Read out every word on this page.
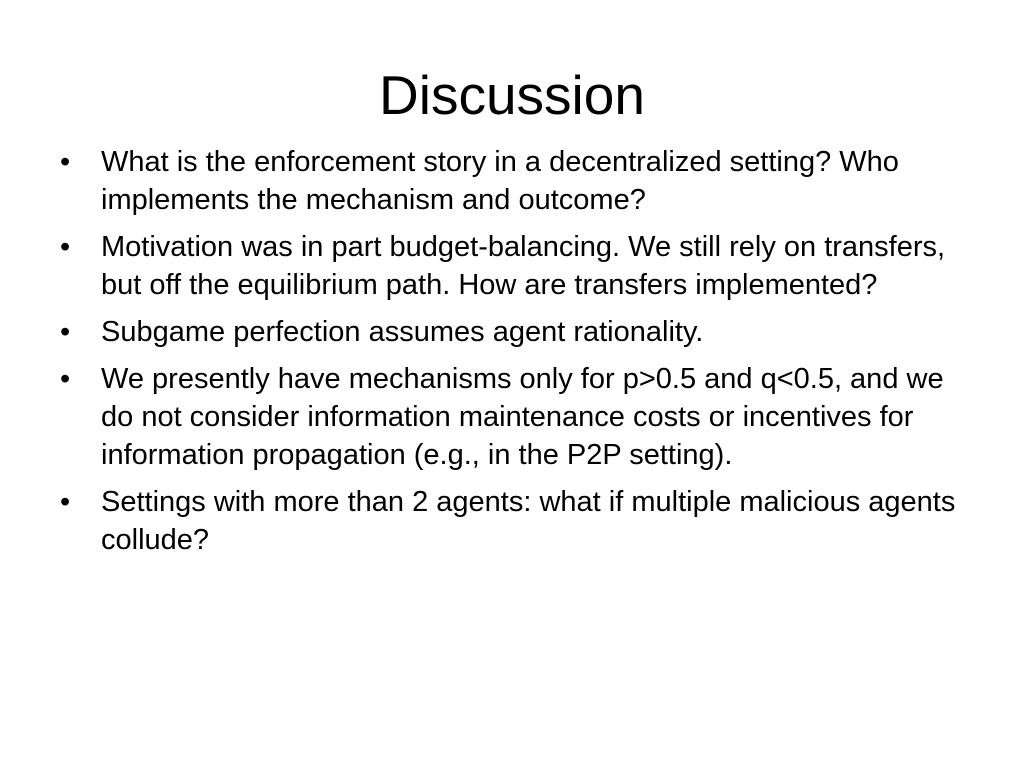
Discussion
•	What is the enforcement story in a decentralized setting? Who implements the mechanism and outcome?
•	Motivation was in part budget-balancing. We still rely on transfers, but off the equilibrium path. How are transfers implemented?
•	Subgame perfection assumes agent rationality.
•	We presently have mechanisms only for p>0.5 and q<0.5, and we do not consider information maintenance costs or incentives for information propagation (e.g., in the P2P setting).
•	Settings with more than 2 agents: what if multiple malicious agents collude?
